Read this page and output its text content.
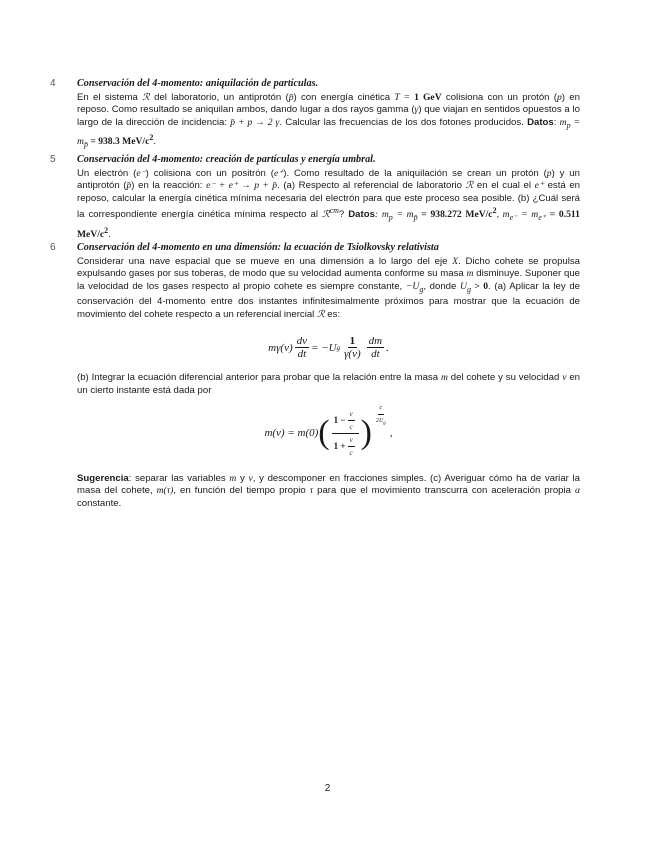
4 Conservación del 4-momento: aniquilación de partículas.
En el sistema ℛ del laboratorio, un antiprotón (p̄) con energía cinética T = 1 GeV colisiona con un protón (p) en reposo. Como resultado se aniquilan ambos, dando lugar a dos rayos gamma (γ) que viajan en sentidos opuestos a lo largo de la dirección de incidencia: p̄ + p → 2 γ. Calcular las frecuencias de los dos fotones producidos. Datos: $m_p = m_{p̄} = 938.3$ MeV/$c^2$.
5 Conservación del 4-momento: creación de partículas y energía umbral.
Un electrón (e⁻) colisiona con un positrón (e⁺). Como resultado de la aniquilación se crean un protón (p) y un antiprotón (p̄) en la reacción: e⁻ + e⁺ → p + p̄. (a) Respecto al referencial de laboratorio ℛ en el cual el e⁺ está en reposo, calcular la energía cinética mínima necesaria del electrón para que este proceso sea posible. (b) ¿Cuál será la correspondiente energía cinética mínima respecto al ℛ$^{cm}$? Datos: $m_p = m_{p̄} = 938.272$ MeV/$c^2$, $m_{e^-} = m_{e^+} = 0.511$ MeV/$c^2$.
6 Conservación del 4-momento en una dimensión: la ecuación de Tsiolkovsky relativista
Considerar una nave espacial que se mueve en una dimensión a lo largo del eje X. Dicho cohete se propulsa expulsando gases por sus toberas, de modo que su velocidad aumenta conforme su masa m disminuye. Suponer que la velocidad de los gases respecto al propio cohete es siempre constante, $-U_g$, donde $U_g > 0$. (a) Aplicar la ley de conservación del 4-momento entre dos instantes infinitesimalmente próximos para mostrar que la ecuación de movimiento del cohete respecto a un referencial inercial ℛ es:
$m\gamma(v) \frac{dv}{dt} = -U$ g $\frac{1}{\gamma(v)} \frac{dm}{dt}$ .
(b) Integrar la ecuación diferencial anterior para probar que la relación entre la masa m del cohete y su velocidad v en un cierto instante está dada por
m(v) = m(0) ( $\frac{1 - \frac{v}{c}}{1 + \frac{v}{c}}$ ) $\frac{c}{2U_g}$
,
Sugerencia: separar las variables m y v, y descomponer en fracciones simples. (c) Averiguar cómo ha de variar la masa del cohete, m(τ), en función del tiempo propio τ para que el movimiento transcurra con aceleración propia α constante.
2
